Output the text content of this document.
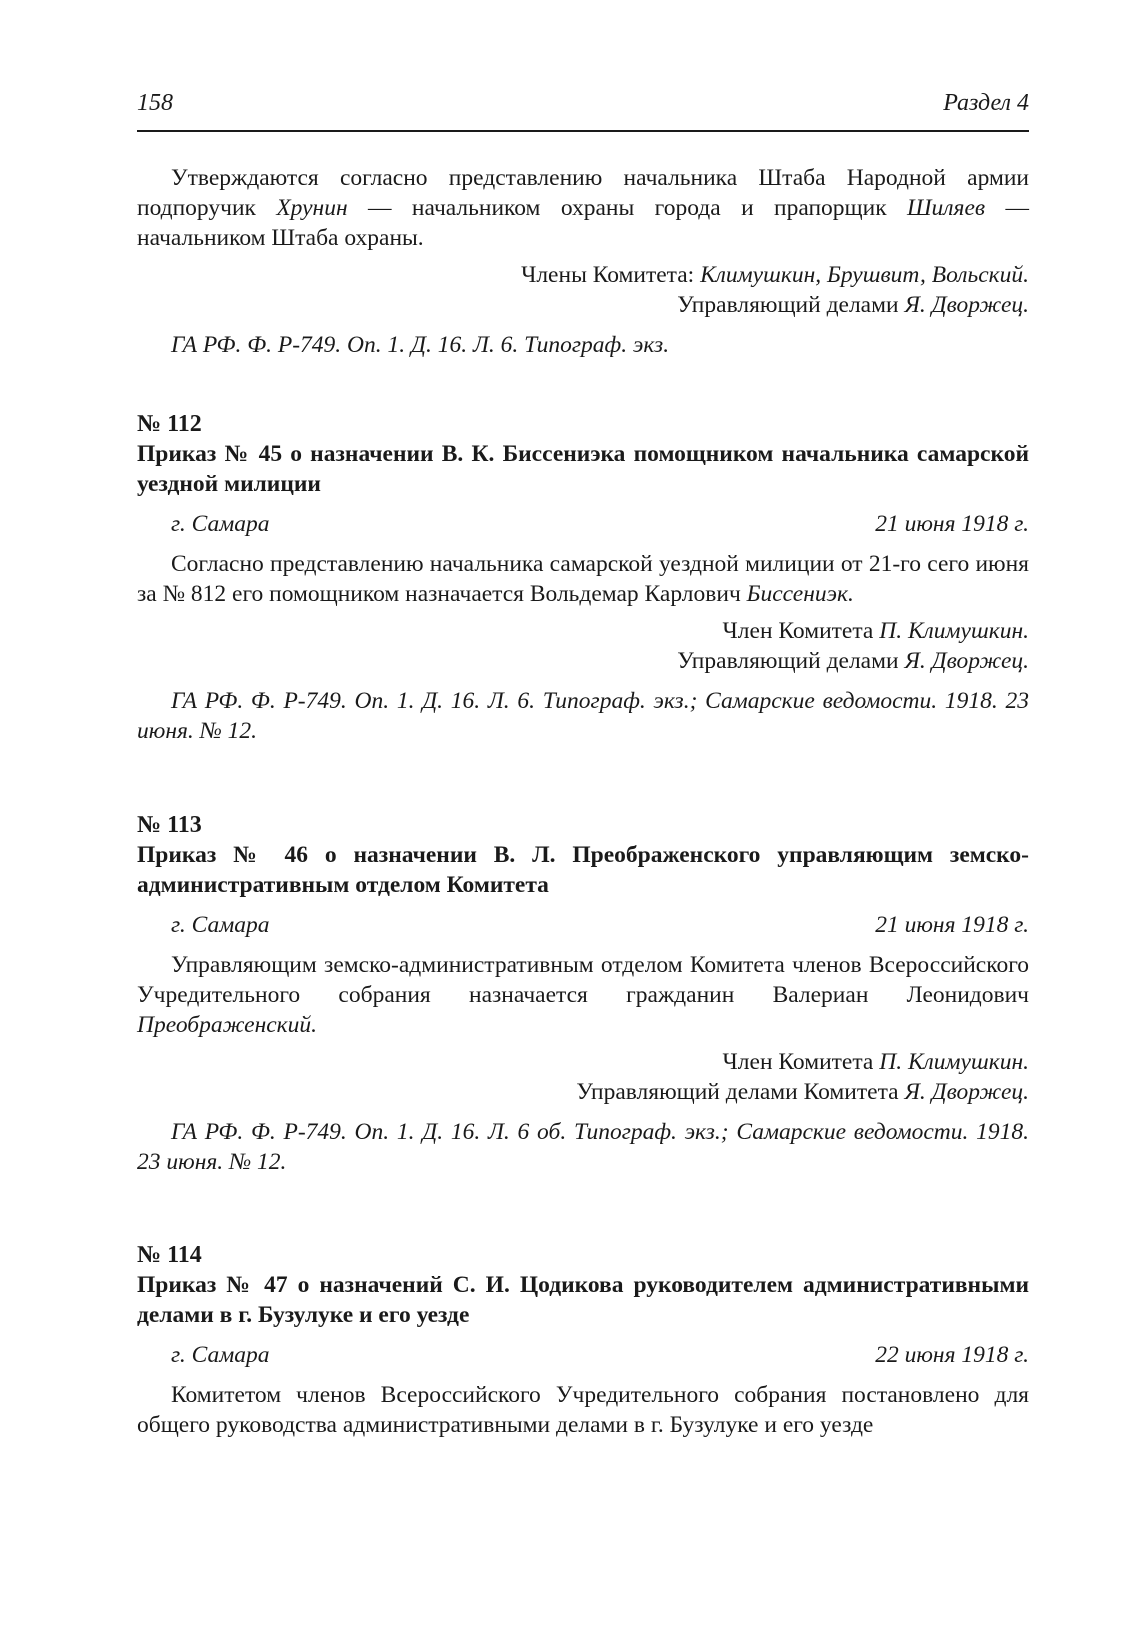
158	Раздел 4

Утверждаются согласно представлению начальника Штаба Народной армии подпоручик Хрунин — начальником охраны города и прапорщик Шиляев — начальником Штаба охраны.

Члены Комитета: Климушкин, Брушвит, Вольский.

Управляющий делами Я. Дворжец.

ГА РФ. Ф. Р-749. Оп. 1. Д. 16. Л. 6. Типограф. экз.

№ 112

Приказ № 45 о назначении В. К. Биссениэка помощником начальника самарской уездной милиции

г. Самара	21 июня 1918 г.

Согласно представлению начальника самарской уездной милиции от 21-го сего июня за № 812 его помощником назначается Вольдемар Карлович Биссениэк.

Член Комитета П. Климушкин.

Управляющий делами Я. Дворжец.

ГА РФ. Ф. Р-749. Оп. 1. Д. 16. Л. 6. Типограф. экз.; Самарские ведомости. 1918. 23 июня. № 12.

№ 113

Приказ № 46 о назначении В. Л. Преображенского управляющим земско-административным отделом Комитета

г. Самара	21 июня 1918 г.

Управляющим земско-административным отделом Комитета членов Всероссийского Учредительного собрания назначается гражданин Валериан Леонидович Преображенский.

Член Комитета П. Климушкин.

Управляющий делами Комитета Я. Дворжец.

ГА РФ. Ф. Р-749. Оп. 1. Д. 16. Л. 6 об. Типограф. экз.; Самарские ведомости. 1918. 23 июня. № 12.

№ 114

Приказ № 47 о назначений С. И. Цодикова руководителем административными делами в г. Бузулуке и его уезде

г. Самара	22 июня 1918 г.

Комитетом членов Всероссийского Учредительного собрания постановлено для общего руководства административными делами в г. Бузулуке и его уезде
